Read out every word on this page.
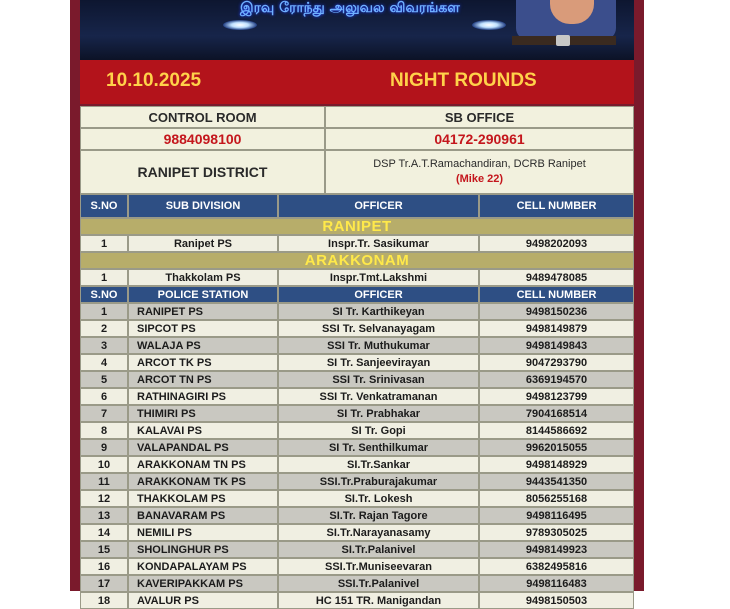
இரவு ரோந்து அலுவல விவரங்கள
10.10.2025	NIGHT ROUNDS
CONTROL ROOM	SB OFFICE
9884098100	04172-290961
RANIPET DISTRICT	DSP Tr.A.T.Ramachandiran, DCRB Ranipet
(Mike 22)
S.NO	SUB DIVISION	OFFICER	CELL NUMBER
RANIPET
1	Ranipet PS	Inspr.Tr. Sasikumar	9498202093
ARAKKONAM
1	Thakkolam PS	Inspr.Tmt.Lakshmi	9489478085
S.NO	POLICE STATION	OFFICER	CELL NUMBER
1	RANIPET PS	SI Tr. Karthikeyan	9498150236
2	SIPCOT PS	SSI Tr. Selvanayagam	9498149879
3	WALAJA PS	SSI Tr. Muthukumar	9498149843
4	ARCOT TK PS	SI Tr. Sanjeevirayan	9047293790
5	ARCOT TN PS	SSI Tr. Srinivasan	6369194570
6	RATHINAGIRI PS	SSI Tr. Venkatramanan	9498123799
7	THIMIRI PS	SI Tr. Prabhakar	7904168514
8	KALAVAI PS	SI Tr. Gopi	8144586692
9	VALAPANDAL PS	SI Tr. Senthilkumar	9962015055
10	ARAKKONAM TN PS	SI.Tr.Sankar	9498148929
11	ARAKKONAM TK PS	SSI.Tr.Praburajakumar	9443541350
12	THAKKOLAM PS	SI.Tr. Lokesh	8056255168
13	BANAVARAM PS	SI.Tr. Rajan Tagore	9498116495
14	NEMILI PS	SI.Tr.Narayanasamy	9789305025
15	SHOLINGHUR PS	SI.Tr.Palanivel	9498149923
16	KONDAPALAYAM PS	SSI.Tr.Muniseevaran	6382495816
17	KAVERIPAKKAM PS	SSI.Tr.Palanivel	9498116483
18	AVALUR PS	HC 151 TR. Manigandan	9498150503
